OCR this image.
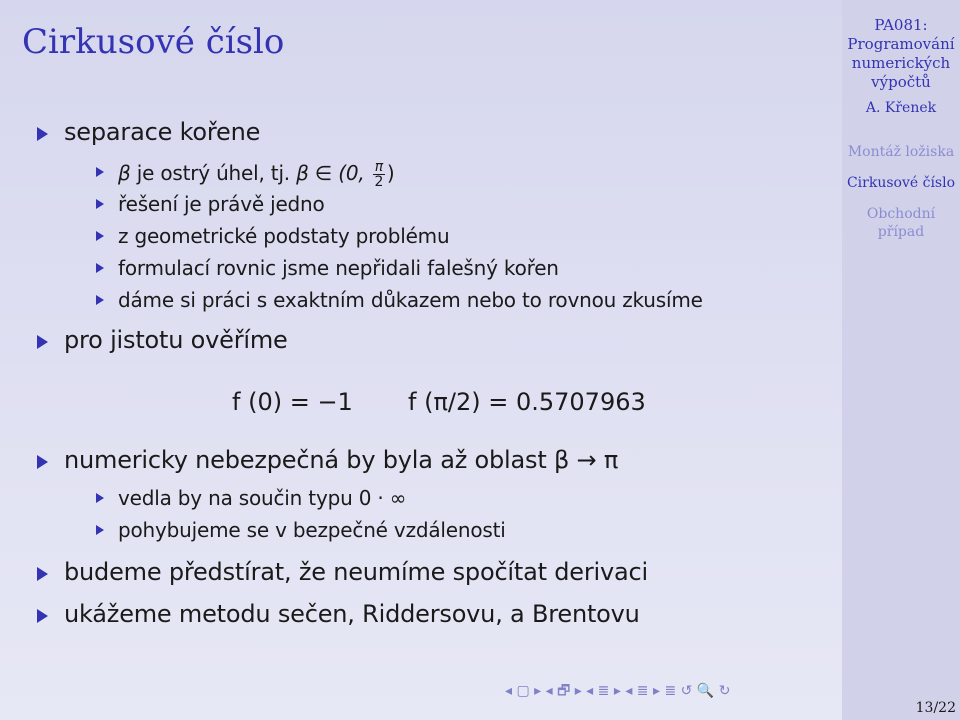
Cirkusové číslo
separace kořene
β je ostrý úhel, tj. β ∈ (0, $\frac{\pi}{2}$ )
řešení je právě jedno
z geometrické podstaty problému
formulací rovnic jsme nepřidali falešný kořen
dáme si práci s exaktním důkazem nebo to rovnou zkusíme
pro jistotu ověříme
f (0) = −1 f (π/2) = 0.5707963
numericky nebezpečná by byla až oblast β → π
vedla by na součin typu 0 · ∞
pohybujeme se v bezpečné vzdálenosti
budeme předstírat, že neumíme spočítat derivaci
ukážeme metodu sečen, Riddersovu, a Brentovu
◂ ▢ ▸ ◂ 🗗 ▸ ◂ ≣ ▸ ◂ ≣ ▸ ≣ ↺ 🔍 ↻
PA081:
Programování
numerických
výpočtů
A. Křenek
Montáž ložiska
Cirkusové číslo
Obchodní případ
13/22
